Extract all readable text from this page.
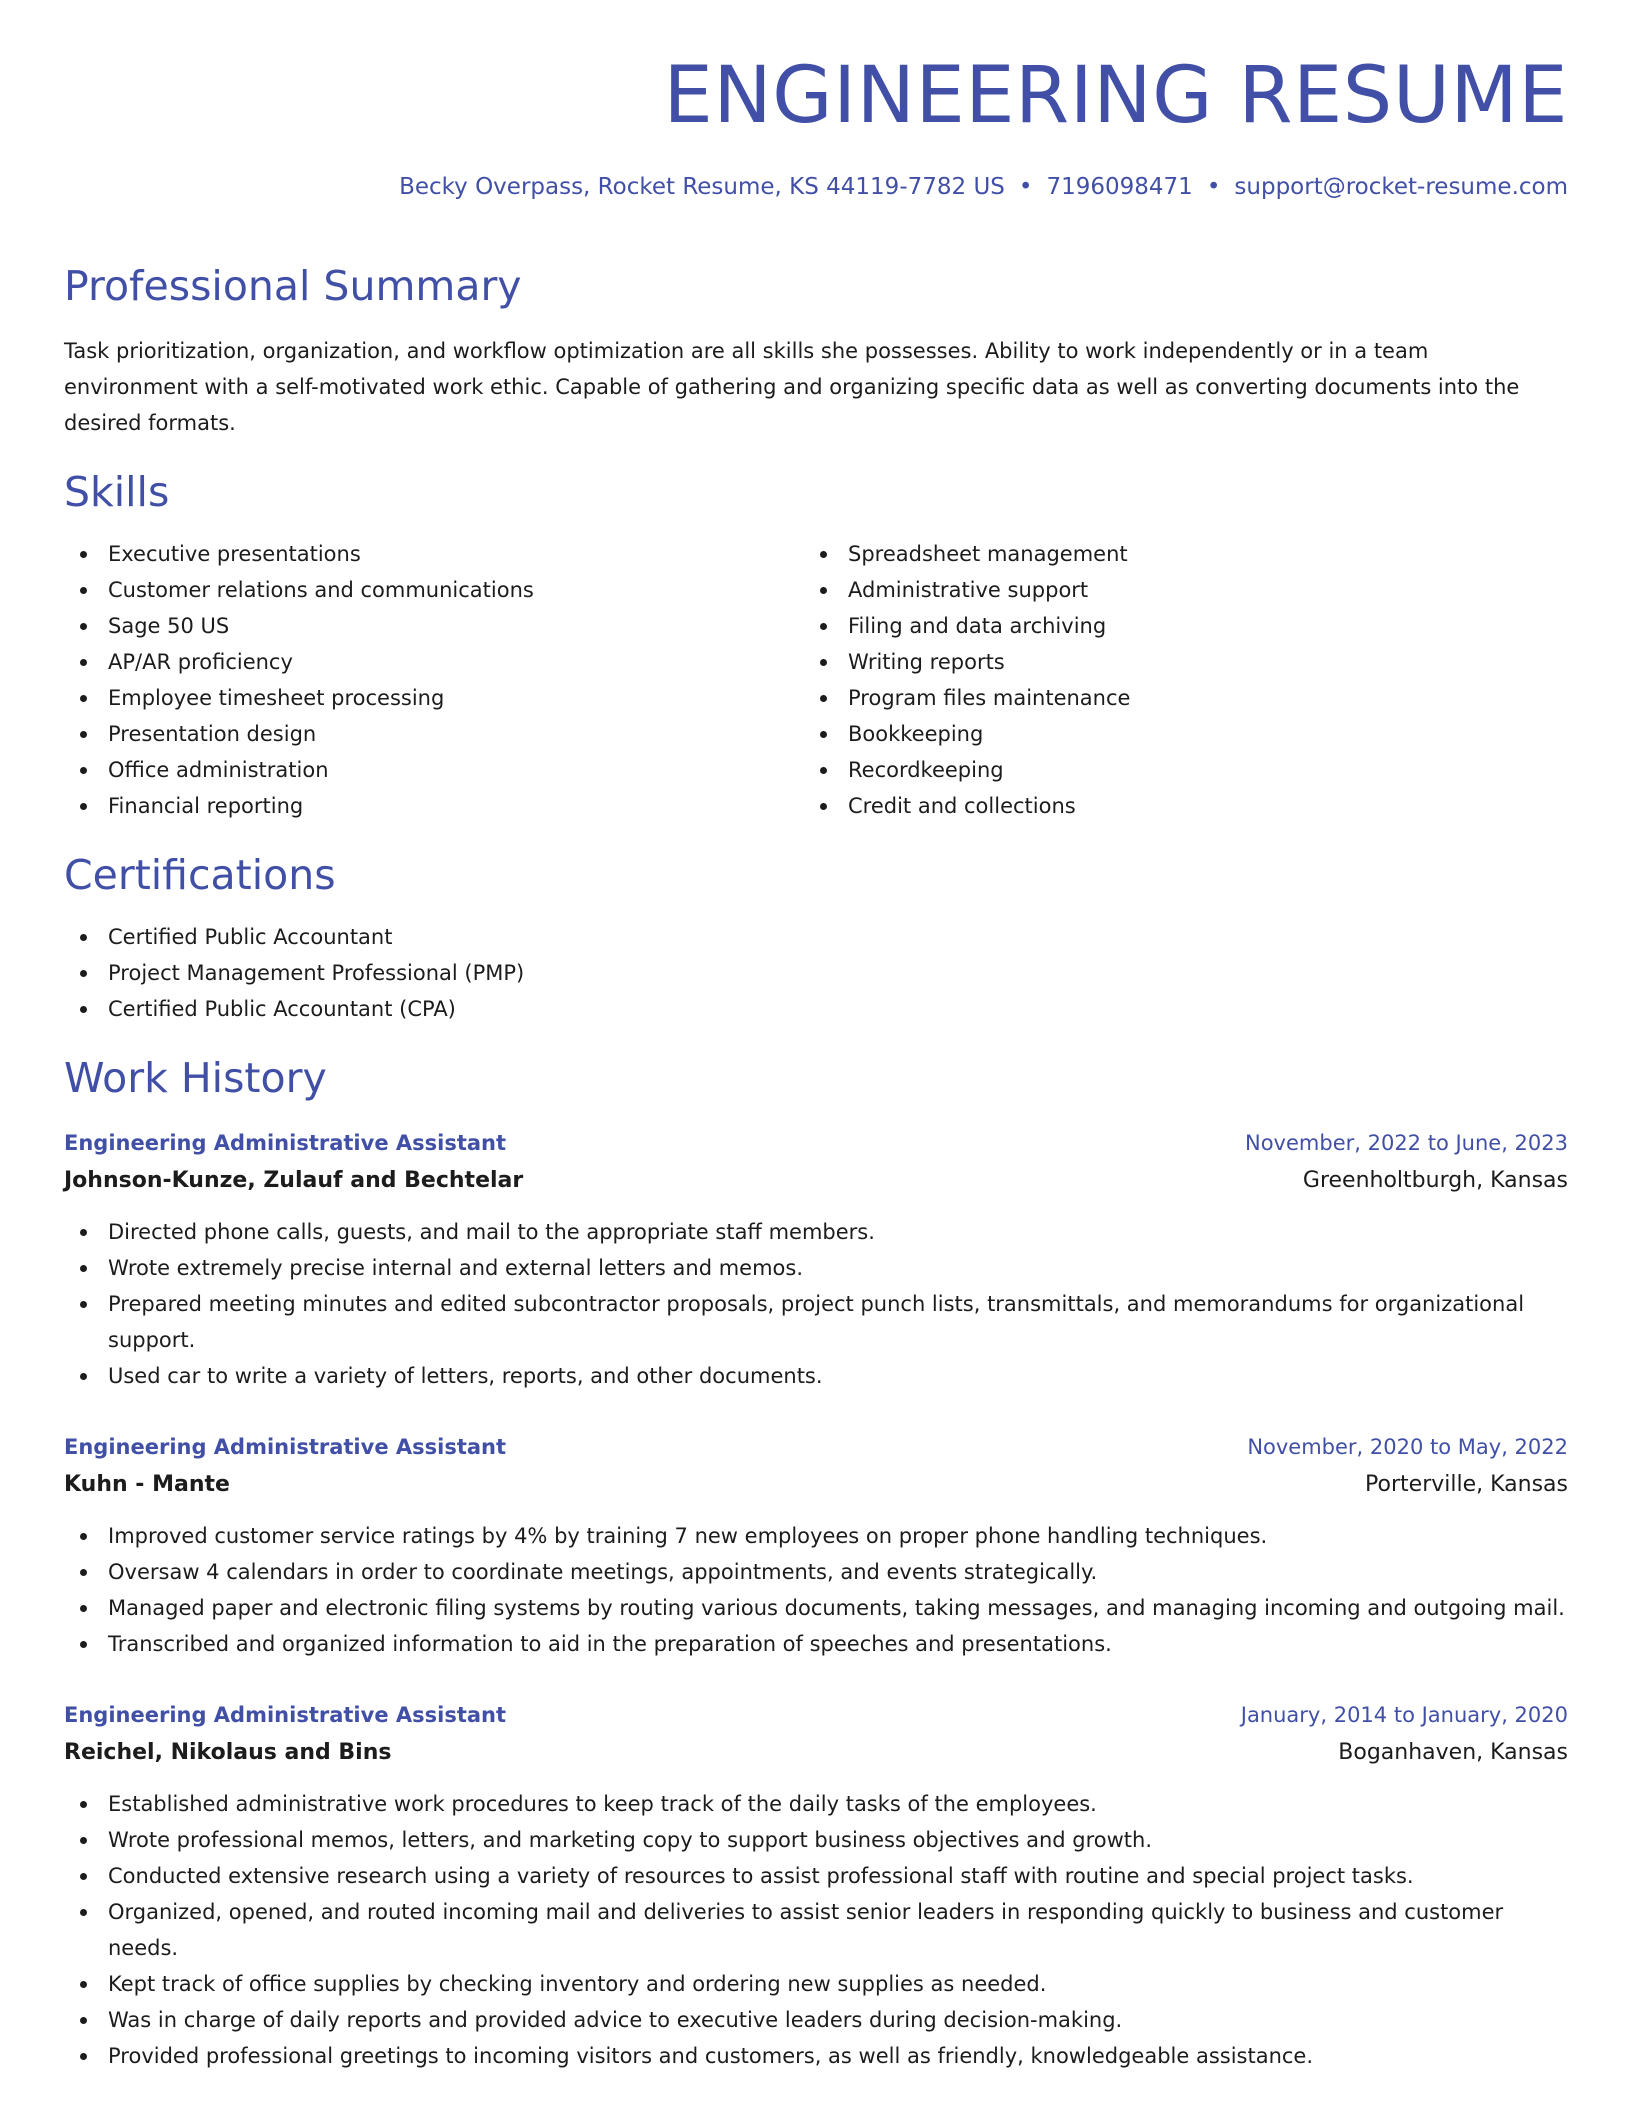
ENGINEERING RESUME
Becky Overpass, Rocket Resume, KS 44119-7782 US • 7196098471 • support@rocket-resume.com
Professional Summary

Task prioritization, organization, and workflow optimization are all skills she possesses. Ability to work independently or in a team environment with a self-motivated work ethic. Capable of gathering and organizing specific data as well as converting documents into the desired formats.

Skills
Executive presentations
Customer relations and communications
Sage 50 US
AP/AR proficiency
Employee timesheet processing
Presentation design
Office administration
Financial reporting
Spreadsheet management
Administrative support
Filing and data archiving
Writing reports
Program files maintenance
Bookkeeping
Recordkeeping
Credit and collections
Certifications
Certified Public Accountant
Project Management Professional (PMP)
Certified Public Accountant (CPA)
Work History
Engineering Administrative Assistant	November, 2022 to June, 2023
Johnson-Kunze, Zulauf and Bechtelar	Greenholtburgh, Kansas
Directed phone calls, guests, and mail to the appropriate staff members.
Wrote extremely precise internal and external letters and memos.
Prepared meeting minutes and edited subcontractor proposals, project punch lists, transmittals, and memorandums for organizational support.
Used car to write a variety of letters, reports, and other documents.
Engineering Administrative Assistant	November, 2020 to May, 2022
Kuhn - Mante	Porterville, Kansas
Improved customer service ratings by 4% by training 7 new employees on proper phone handling techniques.
Oversaw 4 calendars in order to coordinate meetings, appointments, and events strategically.
Managed paper and electronic filing systems by routing various documents, taking messages, and managing incoming and outgoing mail.
Transcribed and organized information to aid in the preparation of speeches and presentations.
Engineering Administrative Assistant	January, 2014 to January, 2020
Reichel, Nikolaus and Bins	Boganhaven, Kansas
Established administrative work procedures to keep track of the daily tasks of the employees.
Wrote professional memos, letters, and marketing copy to support business objectives and growth.
Conducted extensive research using a variety of resources to assist professional staff with routine and special project tasks.
Organized, opened, and routed incoming mail and deliveries to assist senior leaders in responding quickly to business and customer needs.
Kept track of office supplies by checking inventory and ordering new supplies as needed.
Was in charge of daily reports and provided advice to executive leaders during decision-making.
Provided professional greetings to incoming visitors and customers, as well as friendly, knowledgeable assistance.
